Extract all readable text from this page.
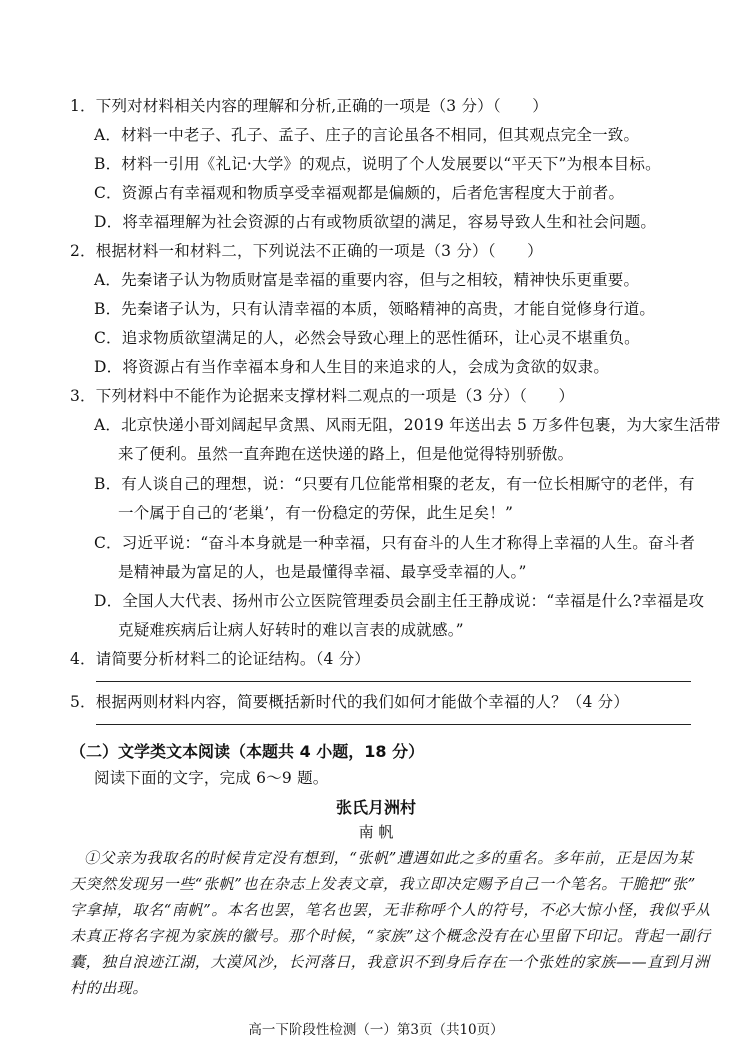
1．下列对材料相关内容的理解和分析,正确的一项是（3 分）（　　）
A．材料一中老子、孔子、孟子、庄子的言论虽各不相同，但其观点完全一致。
B．材料一引用《礼记·大学》的观点，说明了个人发展要以“平天下”为根本目标。
C．资源占有幸福观和物质享受幸福观都是偏颇的，后者危害程度大于前者。
D．将幸福理解为社会资源的占有或物质欲望的满足，容易导致人生和社会问题。
2．根据材料一和材料二，下列说法不正确的一项是（3 分）（　　）
A．先秦诸子认为物质财富是幸福的重要内容，但与之相较，精神快乐更重要。
B．先秦诸子认为，只有认清幸福的本质，领略精神的高贵，才能自觉修身行道。
C．追求物质欲望满足的人，必然会导致心理上的恶性循环，让心灵不堪重负。
D．将资源占有当作幸福本身和人生目的来追求的人，会成为贪欲的奴隶。
3．下列材料中不能作为论据来支撑材料二观点的一项是（3 分）（　　）
A．北京快递小哥刘阔起早贪黑、风雨无阻，2019 年送出去 5 万多件包裹，为大家生活带
来了便利。虽然一直奔跑在送快递的路上，但是他觉得特别骄傲。
B．有人谈自己的理想，说：“只要有几位能常相聚的老友，有一位长相厮守的老伴，有
一个属于自己的‘老巢’，有一份稳定的劳保，此生足矣！”
C．习近平说：“奋斗本身就是一种幸福，只有奋斗的人生才称得上幸福的人生。奋斗者
是精神最为富足的人，也是最懂得幸福、最享受幸福的人。”
D．全国人大代表、扬州市公立医院管理委员会副主任王静成说：“幸福是什么?幸福是攻
克疑难疾病后让病人好转时的难以言表的成就感。”
4．请简要分析材料二的论证结构。（4 分）
5．根据两则材料内容，简要概括新时代的我们如何才能做个幸福的人？（4 分）
（二）文学类文本阅读（本题共 4 小题，18 分）
阅读下面的文字，完成 6～9 题。
张氏月洲村
南 帆
①父亲为我取名的时候肯定没有想到，“张帆”遭遇如此之多的重名。多年前，正是因为某
天突然发现另一些“张帆”也在杂志上发表文章，我立即决定赐予自己一个笔名。干脆把“张”
字拿掉，取名“南帆”。本名也罢，笔名也罢，无非称呼个人的符号，不必大惊小怪，我似乎从
未真正将名字视为家族的徽号。那个时候，“家族”这个概念没有在心里留下印记。背起一副行
囊，独自浪迹江湖，大漠风沙，长河落日，我意识不到身后存在一个张姓的家族——直到月洲
村的出现。
高一下阶段性检测（一）第3页（共10页）
